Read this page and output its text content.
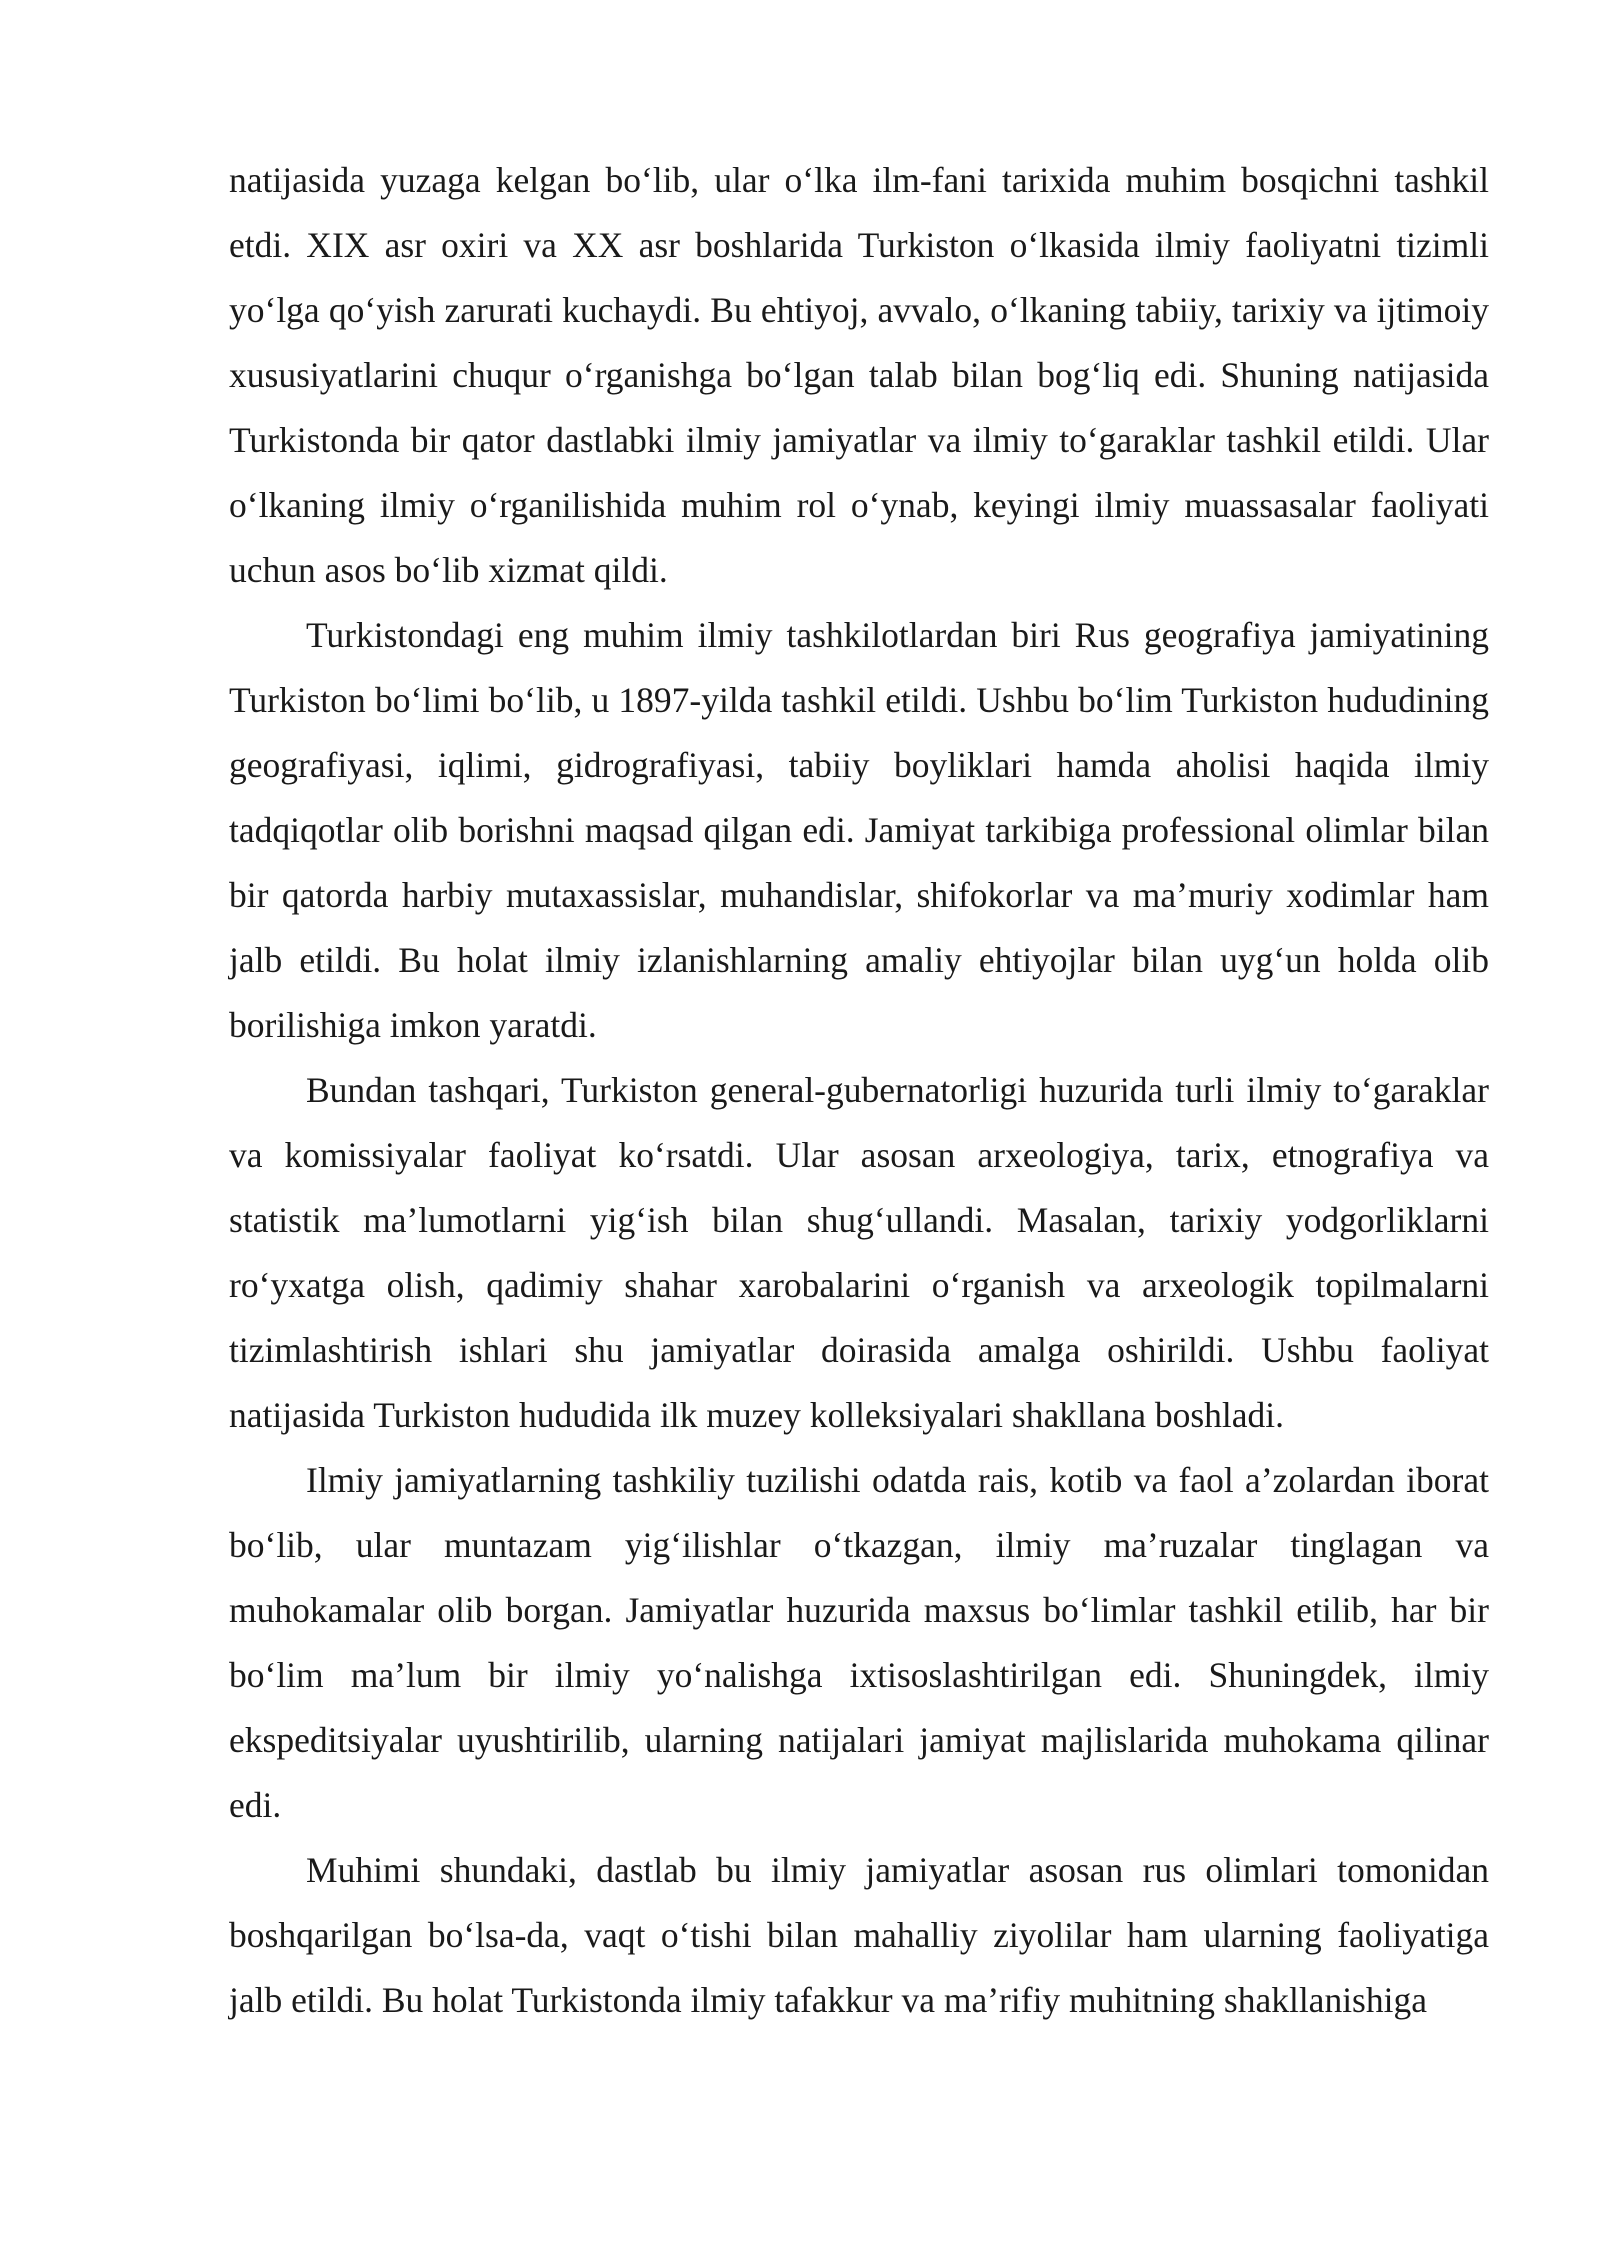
natijasida yuzaga kelgan bo‘lib, ular o‘lka ilm-fani tarixida muhim bosqichni tashkil etdi. XIX asr oxiri va XX asr boshlarida Turkiston o‘lkasida ilmiy faoliyatni tizimli yo‘lga qo‘yish zarurati kuchaydi. Bu ehtiyoj, avvalo, o‘lkaning tabiiy, tarixiy va ijtimoiy xususiyatlarini chuqur o‘rganishga bo‘lgan talab bilan bog‘liq edi. Shuning natijasida Turkistonda bir qator dastlabki ilmiy jamiyatlar va ilmiy to‘garaklar tashkil etildi. Ular o‘lkaning ilmiy o‘rganilishida muhim rol o‘ynab, keyingi ilmiy muassasalar faoliyati uchun asos bo‘lib xizmat qildi.

Turkistondagi eng muhim ilmiy tashkilotlardan biri Rus geografiya jamiyatining Turkiston bo‘limi bo‘lib, u 1897-yilda tashkil etildi. Ushbu bo‘lim Turkiston hududining geografiyasi, iqlimi, gidrografiyasi, tabiiy boyliklari hamda aholisi haqida ilmiy tadqiqotlar olib borishni maqsad qilgan edi. Jamiyat tarkibiga professional olimlar bilan bir qatorda harbiy mutaxassislar, muhandislar, shifokorlar va ma’muriy xodimlar ham jalb etildi. Bu holat ilmiy izlanishlarning amaliy ehtiyojlar bilan uyg‘un holda olib borilishiga imkon yaratdi.

Bundan tashqari, Turkiston general-gubernatorligi huzurida turli ilmiy to‘garaklar va komissiyalar faoliyat ko‘rsatdi. Ular asosan arxeologiya, tarix, etnografiya va statistik ma’lumotlarni yig‘ish bilan shug‘ullandi. Masalan, tarixiy yodgorliklarni ro‘yxatga olish, qadimiy shahar xarobalarini o‘rganish va arxeologik topilmalarni tizimlashtirish ishlari shu jamiyatlar doirasida amalga oshirildi. Ushbu faoliyat natijasida Turkiston hududida ilk muzey kolleksiyalari shakllana boshladi.

Ilmiy jamiyatlarning tashkiliy tuzilishi odatda rais, kotib va faol a’zolardan iborat bo‘lib, ular muntazam yig‘ilishlar o‘tkazgan, ilmiy ma’ruzalar tinglagan va muhokamalar olib borgan. Jamiyatlar huzurida maxsus bo‘limlar tashkil etilib, har bir bo‘lim ma’lum bir ilmiy yo‘nalishga ixtisoslashtirilgan edi. Shuningdek, ilmiy ekspeditsiyalar uyushtirilib, ularning natijalari jamiyat majlislarida muhokama qilinar edi.

Muhimi shundaki, dastlab bu ilmiy jamiyatlar asosan rus olimlari tomonidan boshqarilgan bo‘lsa-da, vaqt o‘tishi bilan mahalliy ziyolilar ham ularning faoliyatiga jalb etildi. Bu holat Turkistonda ilmiy tafakkur va ma’rifiy muhitning shakllanishiga
